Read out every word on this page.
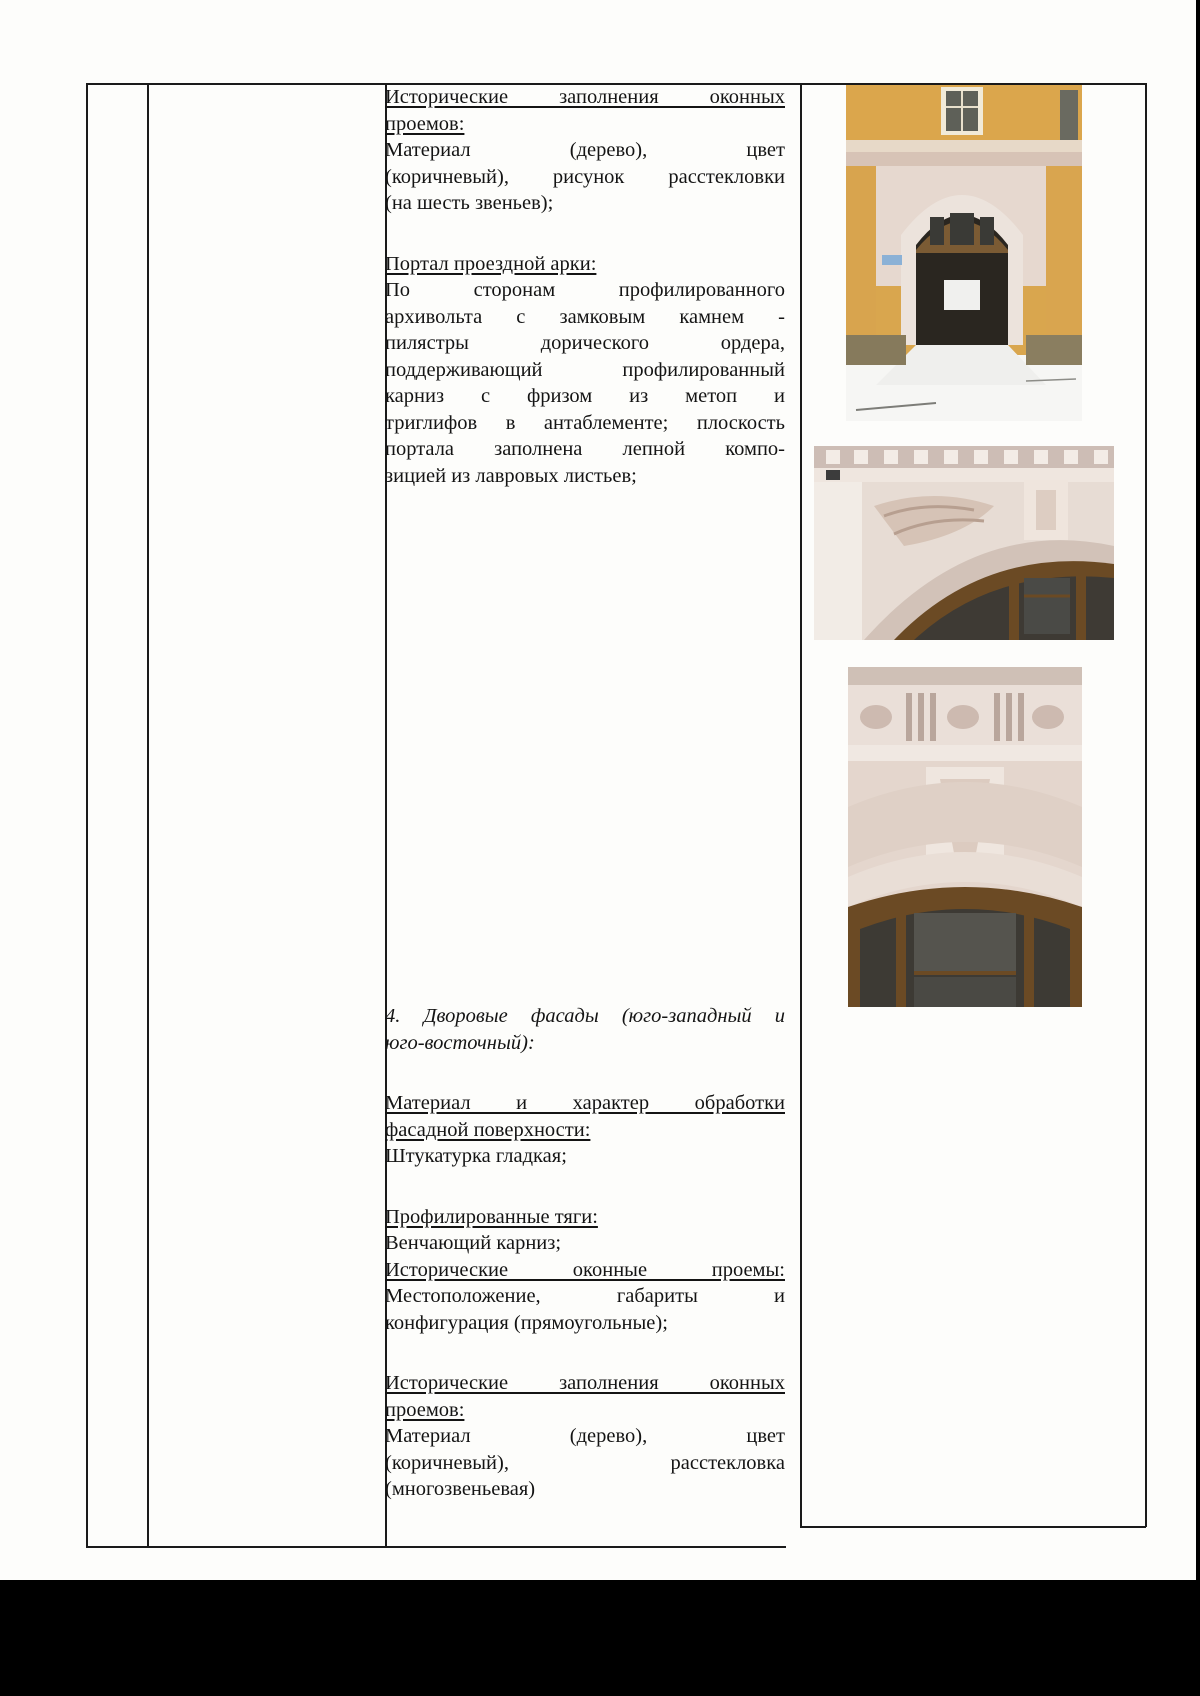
Исторические заполнения оконных
проемов:
Материал (дерево), цвет
(коричневый), рисунок расстекловки
(на шесть звеньев);
Портал проездной арки:
По сторонам профилированного
архивольта с замковым камнем -
пилястры дорического ордера,
поддерживающий профилированный
карниз с фризом из метоп и
триглифов в антаблементе; плоскость
портала заполнена лепной компо-
зицией из лавровых листьев;
4. Дворовые фасады (юго-западный и
юго-восточный):
Материал и характер обработки
фасадной поверхности:
Штукатурка гладкая;
Профилированные тяги:
Венчающий карниз;
Исторические оконные проемы:
Местоположение, габариты и
конфигурация (прямоугольные);
Исторические заполнения оконных
проемов:
Материал (дерево), цвет
(коричневый), расстекловка
(многозвеньевая)
